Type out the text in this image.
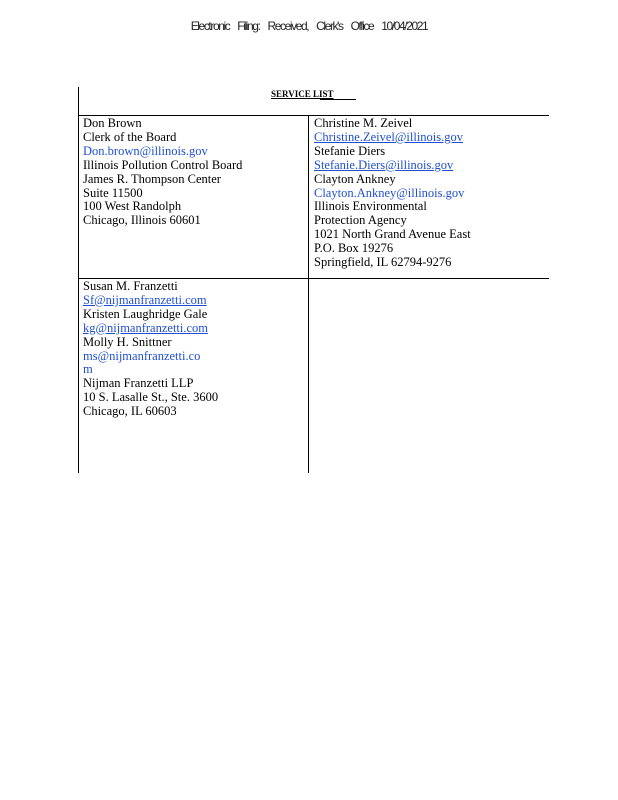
Electronic Filing: Received, Clerk's Office 10/04/2021
SERVICE LIST
Don Brown
Clerk of the Board
Don.brown@illinois.gov
Illinois Pollution Control Board
James R. Thompson Center
Suite 11500
100 West Randolph
Chicago, Illinois 60601
Christine M. Zeivel
Christine.Zeivel@illinois.gov
Stefanie Diers
Stefanie.Diers@illinois.gov
Clayton Ankney
Clayton.Ankney@illinois.gov
Illinois Environmental
Protection Agency
1021 North Grand Avenue East
P.O. Box 19276
Springfield, IL 62794-9276
Susan M. Franzetti
Sf@nijmanfranzetti.com
Kristen Laughridge Gale
kg@nijmanfranzetti.com
Molly H. Snittner
ms@nijmanfranzetti.co
m
Nijman Franzetti LLP
10 S. Lasalle St., Ste. 3600
Chicago, IL 60603
